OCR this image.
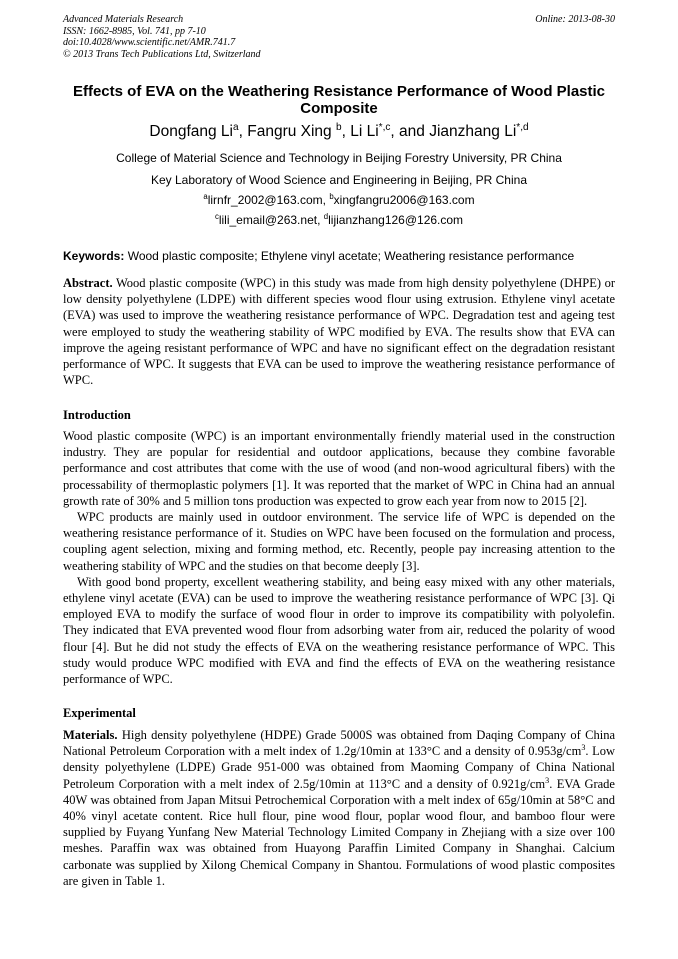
Advanced Materials Research
ISSN: 1662-8985, Vol. 741, pp 7-10
doi:10.4028/www.scientific.net/AMR.741.7
© 2013 Trans Tech Publications Ltd, Switzerland
Online: 2013-08-30
Effects of EVA on the Weathering Resistance Performance of Wood Plastic Composite
Dongfang Li$^a$, Fangru Xing $^b$, Li $Li^{*,c}$, and Jianzhang $Li^{*,d}$
College of Material Science and Technology in Beijing Forestry University, PR China
Key Laboratory of Wood Science and Engineering in Beijing, PR China
$^a$lirnfr_2002@163.com, $^b$xingfangru2006@163.com
$^c$lili_email@263.net, $^d$lijianzhang126@126.com
Keywords: Wood plastic composite; Ethylene vinyl acetate; Weathering resistance performance

Abstract. Wood plastic composite (WPC) in this study was made from high density polyethylene (DHPE) or low density polyethylene (LDPE) with different species wood flour using extrusion. Ethylene vinyl acetate (EVA) was used to improve the weathering resistance performance of WPC. Degradation test and ageing test were employed to study the weathering stability of WPC modified by EVA. The results show that EVA can improve the ageing resistant performance of WPC and have no significant effect on the degradation resistant performance of WPC. It suggests that EVA can be used to improve the weathering resistance performance of WPC.

Introduction

Wood plastic composite (WPC) is an important environmentally friendly material used in the construction industry. They are popular for residential and outdoor applications, because they combine favorable performance and cost attributes that come with the use of wood (and non-wood agricultural fibers) with the processability of thermoplastic polymers [1]. It was reported that the market of WPC in China had an annual growth rate of 30% and 5 million tons production was expected to grow each year from now to 2015 [2].

WPC products are mainly used in outdoor environment. The service life of WPC is depended on the weathering resistance performance of it. Studies on WPC have been focused on the formulation and process, coupling agent selection, mixing and forming method, etc. Recently, people pay increasing attention to the weathering stability of WPC and the studies on that become deeply [3].

With good bond property, excellent weathering stability, and being easy mixed with any other materials, ethylene vinyl acetate (EVA) can be used to improve the weathering resistance performance of WPC [3]. Qi employed EVA to modify the surface of wood flour in order to improve its compatibility with polyolefin. They indicated that EVA prevented wood flour from adsorbing water from air, reduced the polarity of wood flour [4]. But he did not study the effects of EVA on the weathering resistance performance of WPC. This study would produce WPC modified with EVA and find the effects of EVA on the weathering resistance performance of WPC.

Experimental

Materials. High density polyethylene (HDPE) Grade 5000S was obtained from Daqing Company of China National Petroleum Corporation with a melt index of 1.2g/10min at 133°C and a density of $0.953g/cm^3$. Low density polyethylene (LDPE) Grade 951-000 was obtained from Maoming Company of China National Petroleum Corporation with a melt index of 2.5g/10min at 113°C and a density of $0.921g/cm^3$. EVA Grade 40W was obtained from Japan Mitsui Petrochemical Corporation with a melt index of 65g/10min at 58°C and 40% vinyl acetate content. Rice hull flour, pine wood flour, poplar wood flour, and bamboo flour were supplied by Fuyang Yunfang New Material Technology Limited Company in Zhejiang with a size over 100 meshes. Paraffin wax was obtained from Huayong Paraffin Limited Company in Shanghai. Calcium carbonate was supplied by Xilong Chemical Company in Shantou. Formulations of wood plastic composites are given in Table 1.
